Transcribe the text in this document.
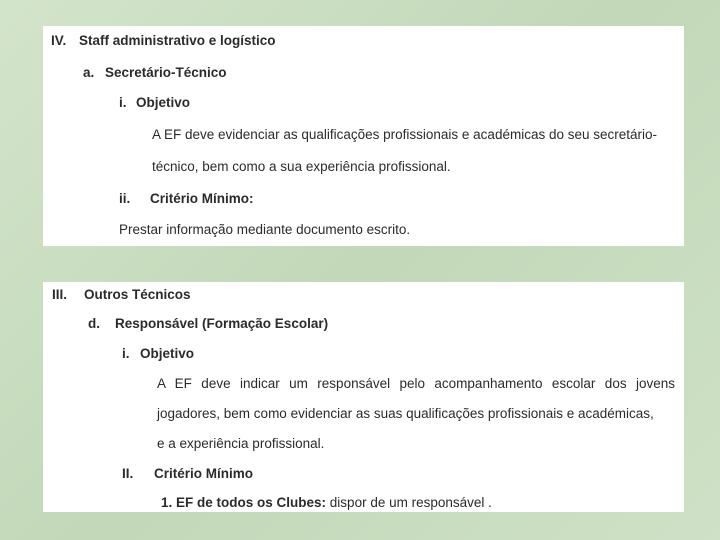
IV. Staff administrativo e logístico
a. Secretário-Técnico
i. Objetivo
A EF deve evidenciar as qualificações profissionais e académicas do seu secretário-
técnico, bem como a sua experiência profissional.
ii. Critério Mínimo:
Prestar informação mediante documento escrito.
III. Outros Técnicos
d. Responsável (Formação Escolar)
i. Objetivo
A EF deve indicar um responsável pelo acompanhamento escolar dos jovens
jogadores, bem como evidenciar as suas qualificações profissionais e académicas,
e a experiência profissional.
II. Critério Mínimo
1. EF de todos os Clubes: dispor de um responsável .
